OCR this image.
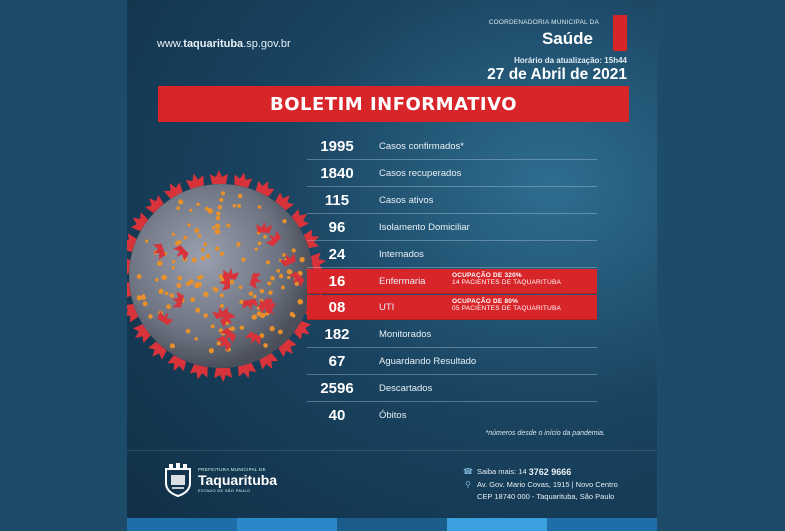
www.taquarituba.sp.gov.br
COORDENADORIA MUNICIPAL DA
Saúde
Horário da atualização: 15h44
27 de Abril de 2021
BOLETIM INFORMATIVO
1995	Casos confirmados*
1840	Casos recuperados
115	Casos ativos
96	Isolamento Domiciliar
24	Internados
16	Enfermaria	OCUPAÇÃO DE 320%
14 PACIENTES DE TAQUARITUBA
08	UTI	OCUPAÇÃO DE 80%
05 PACIENTES DE TAQUARITUBA
182	Monitorados
67	Aguardando Resultado
2596	Descartados
40	Óbitos
*números desde o início da pandemia.
PREFEITURA MUNICIPAL DE
Taquarituba
ESTADO DE SÃO PAULO
☎ Saiba mais: 14
3762 9666
⚲ Av. Gov. Mario Covas, 1915 | Novo Centro
CEP 18740 000 - Taquarituba, São Paulo
